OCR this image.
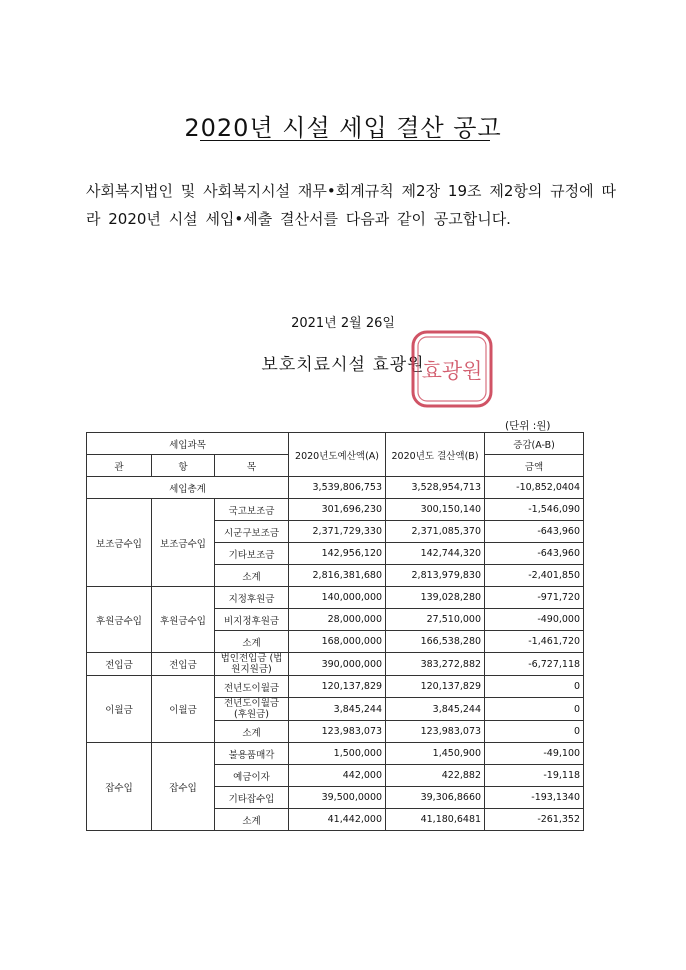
2020년 시설 세입 결산 공고
사회복지법인 및 사회복지시설 재무•회계규칙 제2장 19조 제2항의 규정에 따라 2020년 시설 세입•세출 결산서를 다음과 같이 공고합니다.
2021년 2월 26일
보호치료시설 효광원
효광원
(단위 :원)
세입과목			2020년도예산액(A)	2020년도 결산액(B)	증감(A-B)
관	항	목			금액
세입총계			3,539,806,753	3,528,954,713	-10,852,0404
보조금수입	보조금수입	국고보조금	301,696,230	300,150,140	-1,546,090
		시군구보조금	2,371,729,330	2,371,085,370	-643,960
		기타보조금	142,956,120	142,744,320	-643,960
		소계	2,816,381,680	2,813,979,830	-2,401,850
후원금수입	후원금수입	지정후원금	140,000,000	139,028,280	-971,720
		비지정후원금	28,000,000	27,510,000	-490,000
		소계	168,000,000	166,538,280	-1,461,720
전입금	전입금	법인전입금 (법원지원금)	390,000,000	383,272,882	-6,727,118
이월금	이월금	전년도이월금	120,137,829	120,137,829	0
		전년도이월금 (후원금)	3,845,244	3,845,244	0
		소계	123,983,073	123,983,073	0
잡수입	잡수입	불용품매각	1,500,000	1,450,900	-49,100
		예금이자	442,000	422,882	-19,118
		기타잡수입	39,500,0000	39,306,8660	-193,1340
		소계	41,442,000	41,180,6481	-261,352
